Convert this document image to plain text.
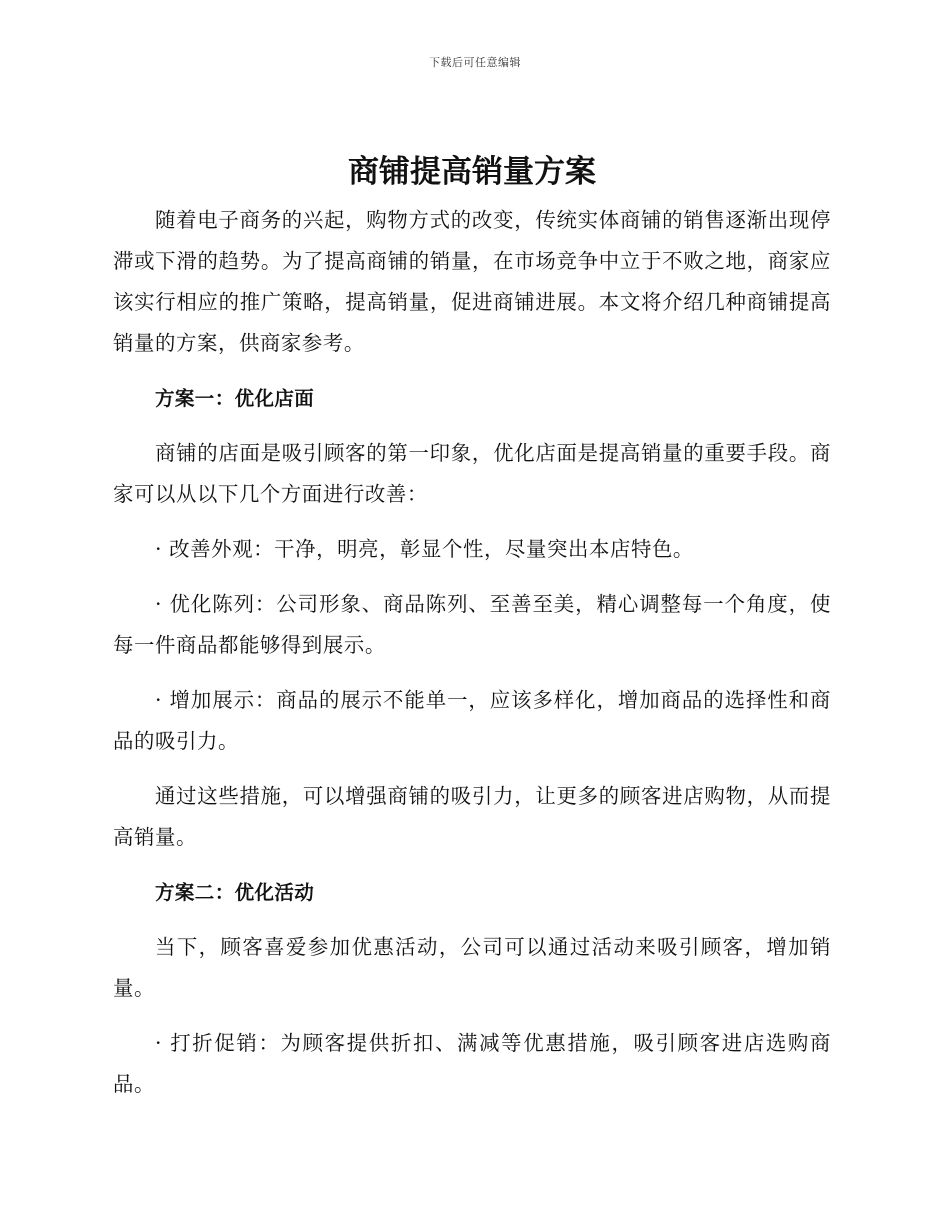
下载后可任意编辑
商铺提高销量方案

随着电子商务的兴起，购物方式的改变，传统实体商铺的销售逐渐出现停滞或下滑的趋势。为了提高商铺的销量，在市场竞争中立于不败之地，商家应该实行相应的推广策略，提高销量，促进商铺进展。本文将介绍几种商铺提高销量的方案，供商家参考。

方案一：优化店面

商铺的店面是吸引顾客的第一印象，优化店面是提高销量的重要手段。商家可以从以下几个方面进行改善：

· 改善外观：干净，明亮，彰显个性，尽量突出本店特色。

· 优化陈列：公司形象、商品陈列、至善至美，精心调整每一个角度，使每一件商品都能够得到展示。

· 增加展示：商品的展示不能单一，应该多样化，增加商品的选择性和商品的吸引力。

通过这些措施，可以增强商铺的吸引力，让更多的顾客进店购物，从而提高销量。

方案二：优化活动

当下，顾客喜爱参加优惠活动，公司可以通过活动来吸引顾客，增加销量。

· 打折促销：为顾客提供折扣、满减等优惠措施，吸引顾客进店选购商品。
